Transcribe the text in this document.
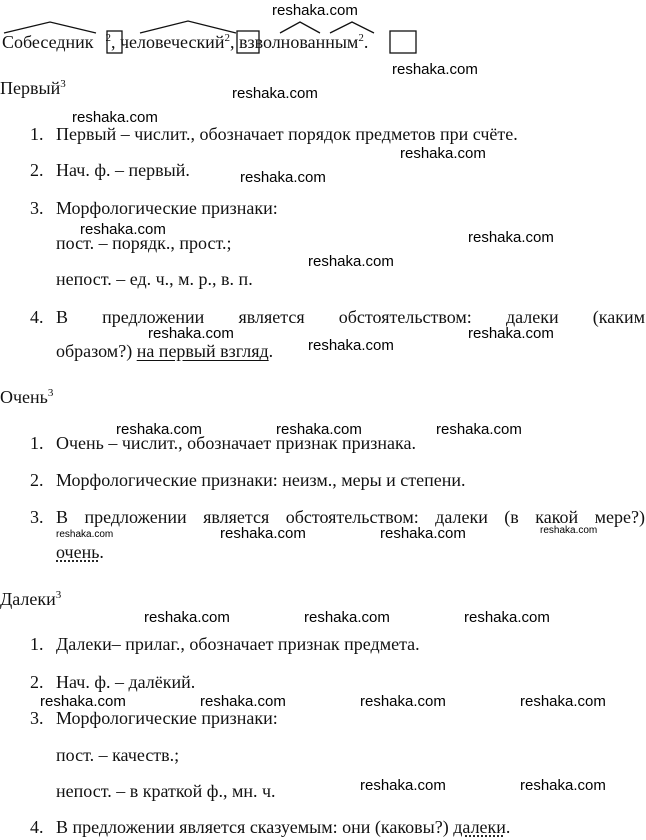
Собеседник $^2$, человеческий$^2$, взволнованным$^2$.
Первый$^3$
1. Первый – числит., обозначает порядок предметов при счёте.
2. Нач. ф. – первый.
3. Морфологические признаки:
пост. – порядк., прост.;
непост. – ед. ч., м. р., в. п.
4. В предложении является обстоятельством: далеки (каким
образом?) на первый взгляд.
Очень$^3$
1. Очень – числит., обозначает признак признака.
2. Морфологические признаки: неизм., меры и степени.
3. В предложении является обстоятельством: далеки (в какой мере?)
очень.
Далеки$^3$
1. Далеки– прилаг., обозначает признак предмета.
2. Нач. ф. – далёкий.
3. Морфологические признаки:
пост. – качеств.;
непост. – в краткой ф., мн. ч.
4. В предложении является сказуемым: они (каковы?) далеки.
reshaka.com
reshaka.com
reshaka.com
reshaka.com
reshaka.com
reshaka.com
reshaka.com	reshaka.com
reshaka.com
reshaka.com	reshaka.com
reshaka.com
reshaka.com	reshaka.com	reshaka.com
reshaka.com	reshaka.com	reshaka.com	reshaka.com
reshaka.com	reshaka.com	reshaka.com
reshaka.com	reshaka.com	reshaka.com	reshaka.com
reshaka.com	reshaka.com
